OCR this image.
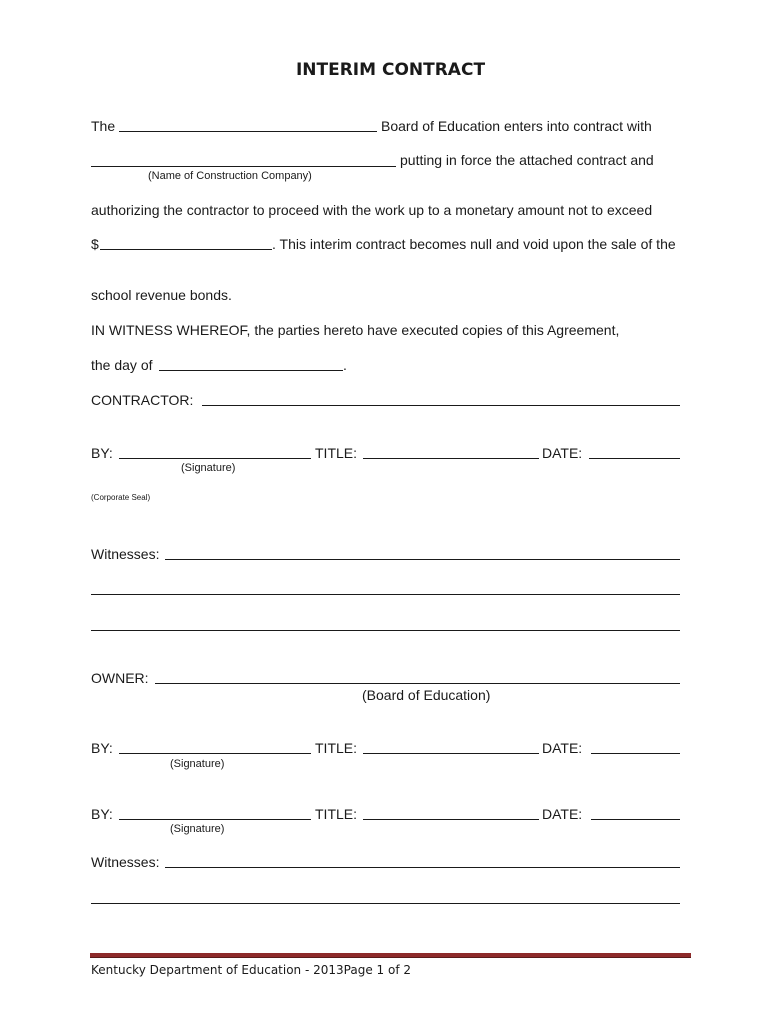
INTERIM CONTRACT
The	Board of Education enters into contract with
putting in force the attached contract and
(Name of Construction Company)
authorizing the contractor to proceed with the work up to a monetary amount not to exceed
$	. This interim contract becomes null and void upon the sale of the
school revenue bonds.
IN WITNESS WHEREOF, the parties hereto have executed copies of this Agreement,
the day of	.
CONTRACTOR:
BY:	TITLE:	DATE:
(Signature)
(Corporate Seal)
Witnesses:
OWNER:
(Board of Education)
BY:	TITLE:	DATE:
(Signature)
BY:	TITLE:	DATE:
(Signature)
Witnesses:
Kentucky Department of Education - 2013Page 1 of 2
